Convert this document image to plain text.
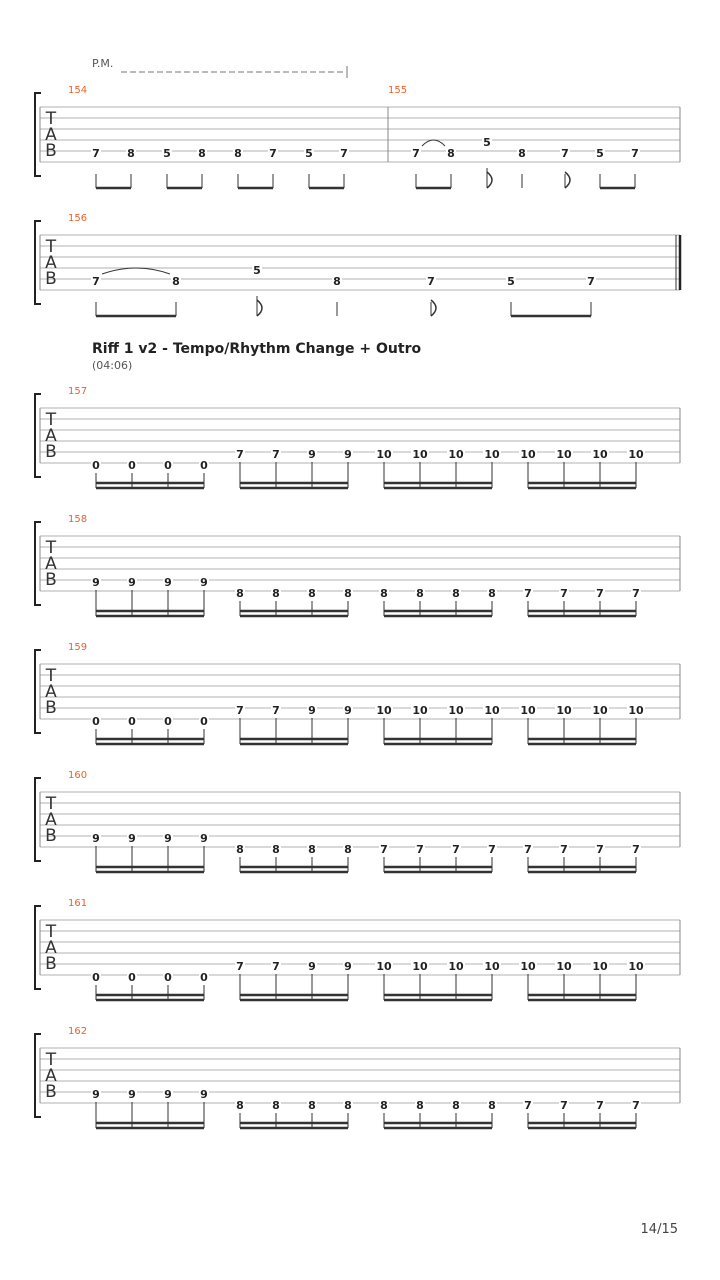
P.M.
T
A
B
154
7 8	5 8	8 7	5 7
155
7 8
5
8	7 5 7
T
A
B
156
7	8
5
8	7	5	7
T
A
B
157
0	0	0	0
7	7	9	9 10 10 10 10 10 10 10 10
T
A
B
158
9	9	9	9
8	8	8	8	8	8	8	8	7	7	7	7
T
A
B
159
0	0	0	0
7	7	9	9 10 10 10 10 10 10 10 10
T
A
B
160
9	9	9	9
8	8	8	8	7	7	7	7	7	7	7	7
T
A
B
161
0	0	0	0
7	7	9	9 10 10 10 10 10 10 10 10
T
A
B
162
9	9	9	9
8	8	8	8	8	8	8	8	7	7	7	7
Riff 1 v2 - Tempo/Rhythm Change + Outro
(04:06)
14/15
